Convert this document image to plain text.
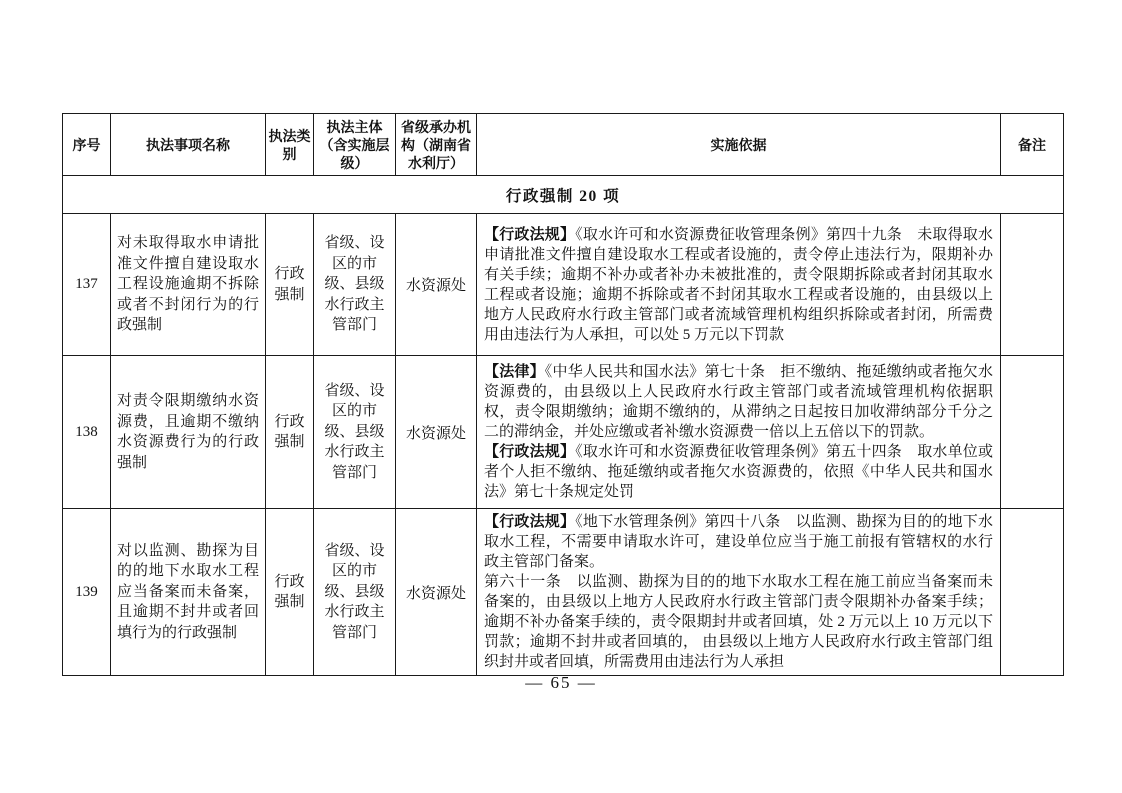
序号	执法事项名称	执法类别	执法主体（含实施层级）	省级承办机构（湖南省水利厅）	实施依据	备注
行政强制 20 项						
137	对未取得取水申请批准文件擅自建设取水工程设施逾期不拆除或者不封闭行为的行政强制	行政强制	省级、设区的市级、县级水行政主管部门	水资源处	【行政法规】《取水许可和水资源费征收管理条例》第四十九条　未取得取水申请批准文件擅自建设取水工程或者设施的，责令停止违法行为，限期补办有关手续；逾期不补办或者补办未被批准的，责令限期拆除或者封闭其取水工程或者设施；逾期不拆除或者不封闭其取水工程或者设施的，由县级以上地方人民政府水行政主管部门或者流域管理机构组织拆除或者封闭，所需费用由违法行为人承担，可以处 5 万元以下罚款	

138	对责令限期缴纳水资源费，且逾期不缴纳水资源费行为的行政强制	行政强制	省级、设区的市级、县级水行政主管部门	水资源处	【法律】《中华人民共和国水法》第七十条　拒不缴纳、拖延缴纳或者拖欠水资源费的，由县级以上人民政府水行政主管部门或者流域管理机构依据职权，责令限期缴纳；逾期不缴纳的，从滞纳之日起按日加收滞纳部分千分之二的滞纳金，并处应缴或者补缴水资源费一倍以上五倍以下的罚款。
【行政法规】《取水许可和水资源费征收管理条例》第五十四条　取水单位或者个人拒不缴纳、拖延缴纳或者拖欠水资源费的，依照《中华人民共和国水法》第七十条规定处罚	

139	对以监测、勘探为目的的地下水取水工程应当备案而未备案，且逾期不封井或者回填行为的行政强制	行政强制	省级、设区的市级、县级水行政主管部门	水资源处	【行政法规】《地下水管理条例》第四十八条　以监测、勘探为目的的地下水取水工程，不需要申请取水许可，建设单位应当于施工前报有管辖权的水行政主管部门备案。
第六十一条　以监测、勘探为目的的地下水取水工程在施工前应当备案而未备案的，由县级以上地方人民政府水行政主管部门责令限期补办备案手续；逾期不补办备案手续的，责令限期封井或者回填，处 2 万元以上 10 万元以下罚款；逾期不封井或者回填的， 由县级以上地方人民政府水行政主管部门组织封井或者回填，所需费用由违法行为人承担	

— 65 —
